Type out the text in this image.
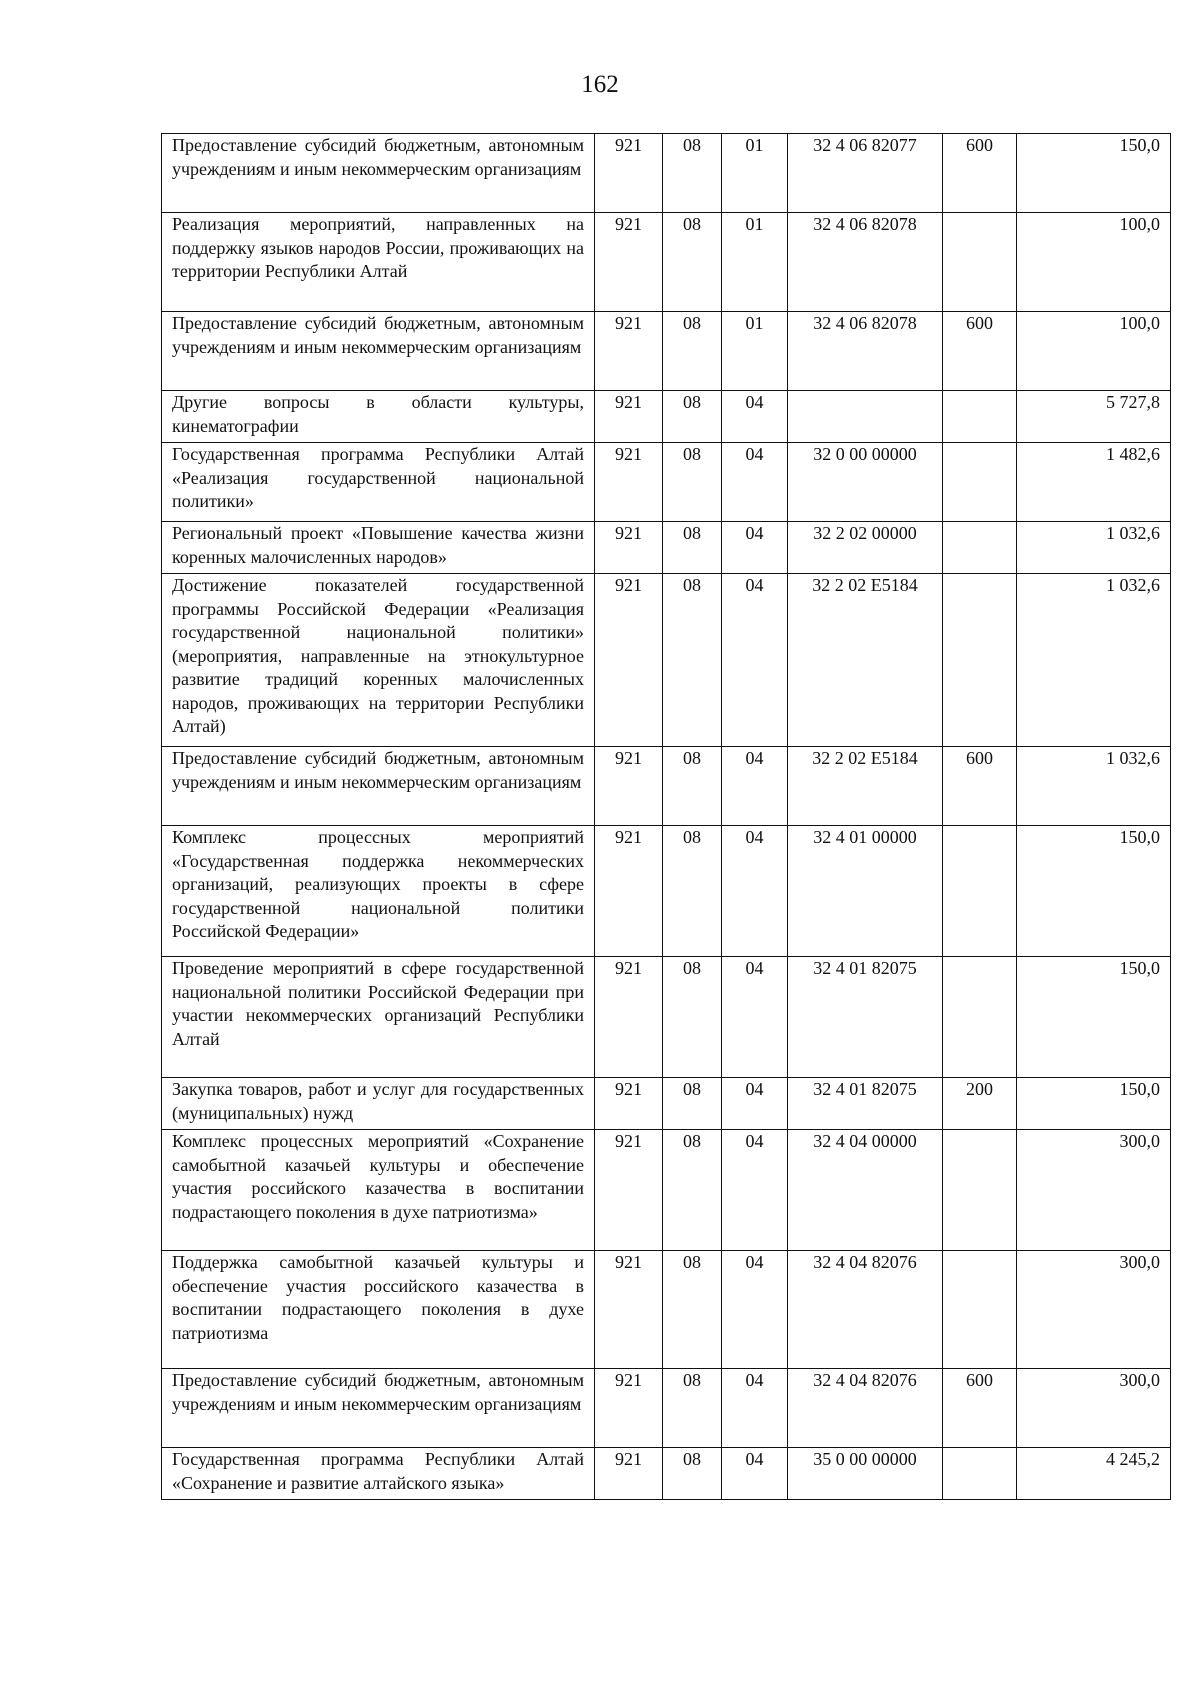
162
Предоставление субсидий бюджетным, автономным учреждениям и иным некоммерческим организациям	921	08	01	32 4 06 82077	600	150,0
Реализация мероприятий, направленных на поддержку языков народов России, проживающих на территории Республики Алтай	921	08	01	32 4 06 82078		100,0
Предоставление субсидий бюджетным, автономным учреждениям и иным некоммерческим организациям	921	08	01	32 4 06 82078	600	100,0
Другие вопросы в области культуры, кинематографии	921	08	04			5 727,8
Государственная программа Республики Алтай «Реализация государственной национальной политики»	921	08	04	32 0 00 00000		1 482,6
Региональный проект «Повышение качества жизни коренных малочисленных народов»	921	08	04	32 2 02 00000		1 032,6
Достижение показателей государственной программы Российской Федерации «Реализация государственной национальной политики» (мероприятия, направленные на этнокультурное развитие традиций коренных малочисленных народов, проживающих на территории Республики Алтай)	921	08	04	32 2 02 E5184		1 032,6
Предоставление субсидий бюджетным, автономным учреждениям и иным некоммерческим организациям	921	08	04	32 2 02 E5184	600	1 032,6
Комплекс процессных мероприятий «Государственная поддержка некоммерческих организаций, реализующих проекты в сфере государственной национальной политики Российской Федерации»	921	08	04	32 4 01 00000		150,0
Проведение мероприятий в сфере государственной национальной политики Российской Федерации при участии некоммерческих организаций Республики Алтай	921	08	04	32 4 01 82075		150,0
Закупка товаров, работ и услуг для государственных (муниципальных) нужд	921	08	04	32 4 01 82075	200	150,0
Комплекс процессных мероприятий «Сохранение самобытной казачьей культуры и обеспечение участия российского казачества в воспитании подрастающего поколения в духе патриотизма»	921	08	04	32 4 04 00000		300,0
Поддержка самобытной казачьей культуры и обеспечение участия российского казачества в воспитании подрастающего поколения в духе патриотизма	921	08	04	32 4 04 82076		300,0
Предоставление субсидий бюджетным, автономным учреждениям и иным некоммерческим организациям	921	08	04	32 4 04 82076	600	300,0
Государственная программа Республики Алтай «Сохранение и развитие алтайского языка»	921	08	04	35 0 00 00000		4 245,2
